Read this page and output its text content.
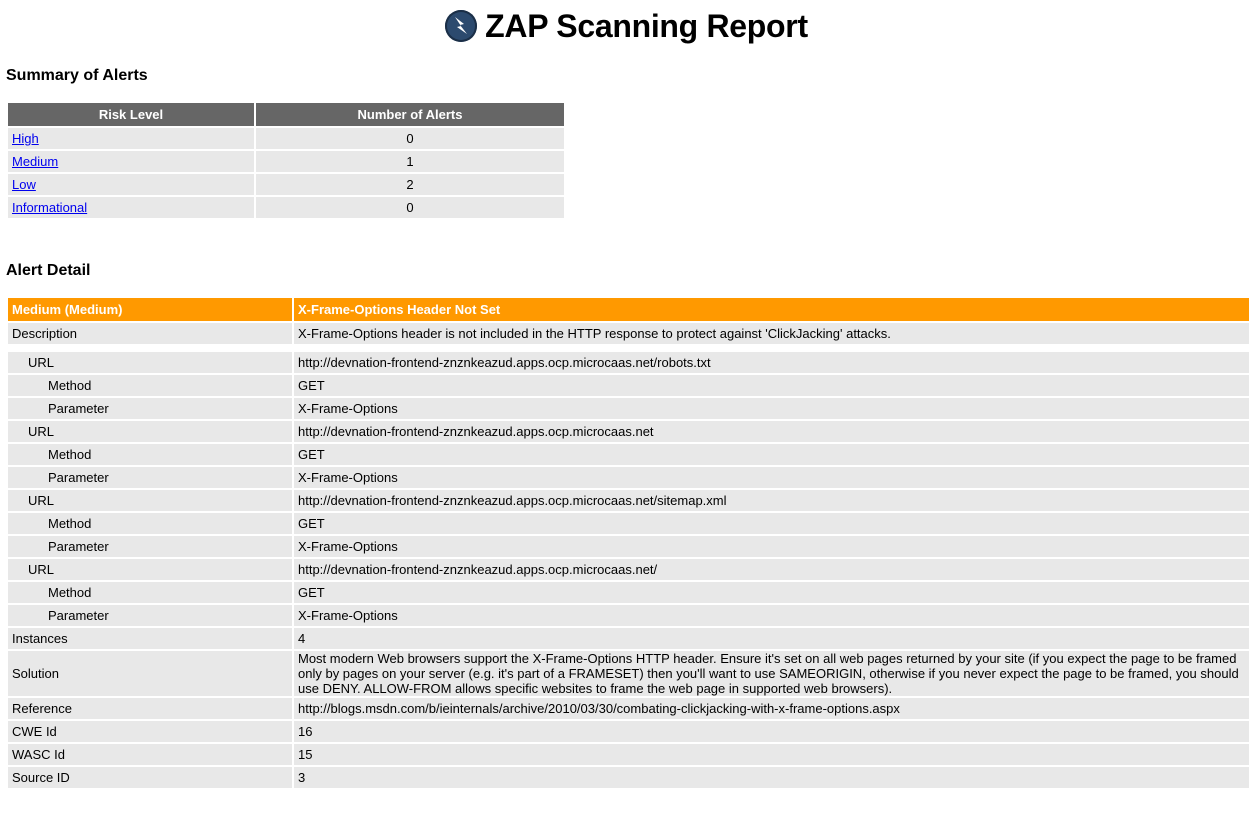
ZAP Scanning Report
Summary of Alerts
Risk Level	Number of Alerts
High	0
Medium	1
Low	2
Informational	0
Alert Detail
Medium (Medium)	X-Frame-Options Header Not Set
Description	X-Frame-Options header is not included in the HTTP response to protect against 'ClickJacking' attacks.

URL	http://devnation-frontend-znznkeazud.apps.ocp.microcaas.net/robots.txt
Method	GET
Parameter	X-Frame-Options
URL	http://devnation-frontend-znznkeazud.apps.ocp.microcaas.net
Method	GET
Parameter	X-Frame-Options
URL	http://devnation-frontend-znznkeazud.apps.ocp.microcaas.net/sitemap.xml
Method	GET
Parameter	X-Frame-Options
URL	http://devnation-frontend-znznkeazud.apps.ocp.microcaas.net/
Method	GET
Parameter	X-Frame-Options
Instances	4
Solution	Most modern Web browsers support the X-Frame-Options HTTP header. Ensure it's set on all web pages returned by your site (if you expect the page to be framed only by pages on your server (e.g. it's part of a FRAMESET) then you'll want to use SAMEORIGIN, otherwise if you never expect the page to be framed, you should use DENY. ALLOW-FROM allows specific websites to frame the web page in supported web browsers).
Reference	http://blogs.msdn.com/b/ieinternals/archive/2010/03/30/combating-clickjacking-with-x-frame-options.aspx
CWE Id	16
WASC Id	15
Source ID	3
